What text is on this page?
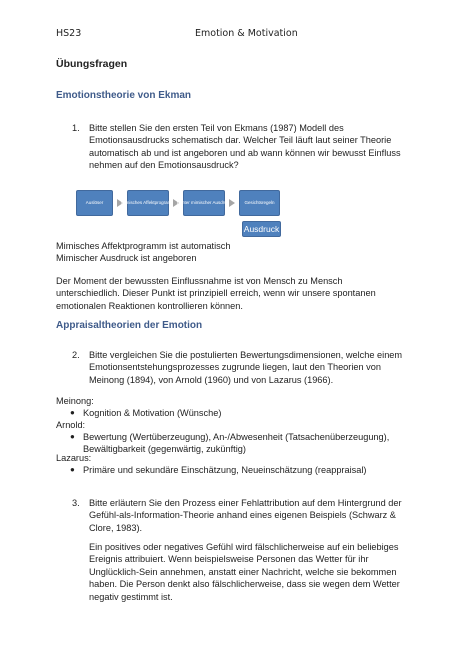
HS23	Emotion & Motivation
Übungsfragen
Emotionstheorie von Ekman
1. Bitte stellen Sie den ersten Teil von Ekmans (1987) Modell des
Emotionsausdrucks schematisch dar. Welcher Teil läuft laut seiner Theorie
automatisch ab und ist angeboren und ab wann können wir bewusst Einfluss
nehmen auf den Emotionsausdruck?
Auslöser	Mimisches Affektprogramm Echter mimischer Ausdruck	Gesichtsregeln
Ausdruck
Mimisches Affektprogramm ist automatisch
Mimischer Ausdruck ist angeboren
Der Moment der bewussten Einflussnahme ist von Mensch zu Mensch
unterschiedlich. Dieser Punkt ist prinzipiell erreich, wenn wir unsere spontanen
emotionalen Reaktionen kontrollieren können.
Appraisaltheorien der Emotion
2. Bitte vergleichen Sie die postulierten Bewertungsdimensionen, welche einem
Emotionsentstehungsprozesses zugrunde liegen, laut den Theorien von
Meinong (1894), von Arnold (1960) und von Lazarus (1966).
Meinong:
● Kognition & Motivation (Wünsche)
Arnold:
● Bewertung (Wertüberzeugung), An-/Abwesenheit (Tatsachenüberzeugung),
Bewältigbarkeit (gegenwärtig, zukünftig)
Lazarus:
● Primäre und sekundäre Einschätzung, Neueinschätzung (reappraisal)
3. Bitte erläutern Sie den Prozess einer Fehlattribution auf dem Hintergrund der
Gefühl-als-Information-Theorie anhand eines eigenen Beispiels (Schwarz &
Clore, 1983).
Ein positives oder negatives Gefühl wird fälschlicherweise auf ein beliebiges
Ereignis attribuiert. Wenn beispielsweise Personen das Wetter für ihr
Unglücklich-Sein annehmen, anstatt einer Nachricht, welche sie bekommen
haben. Die Person denkt also fälschlicherweise, dass sie wegen dem Wetter
negativ gestimmt ist.
